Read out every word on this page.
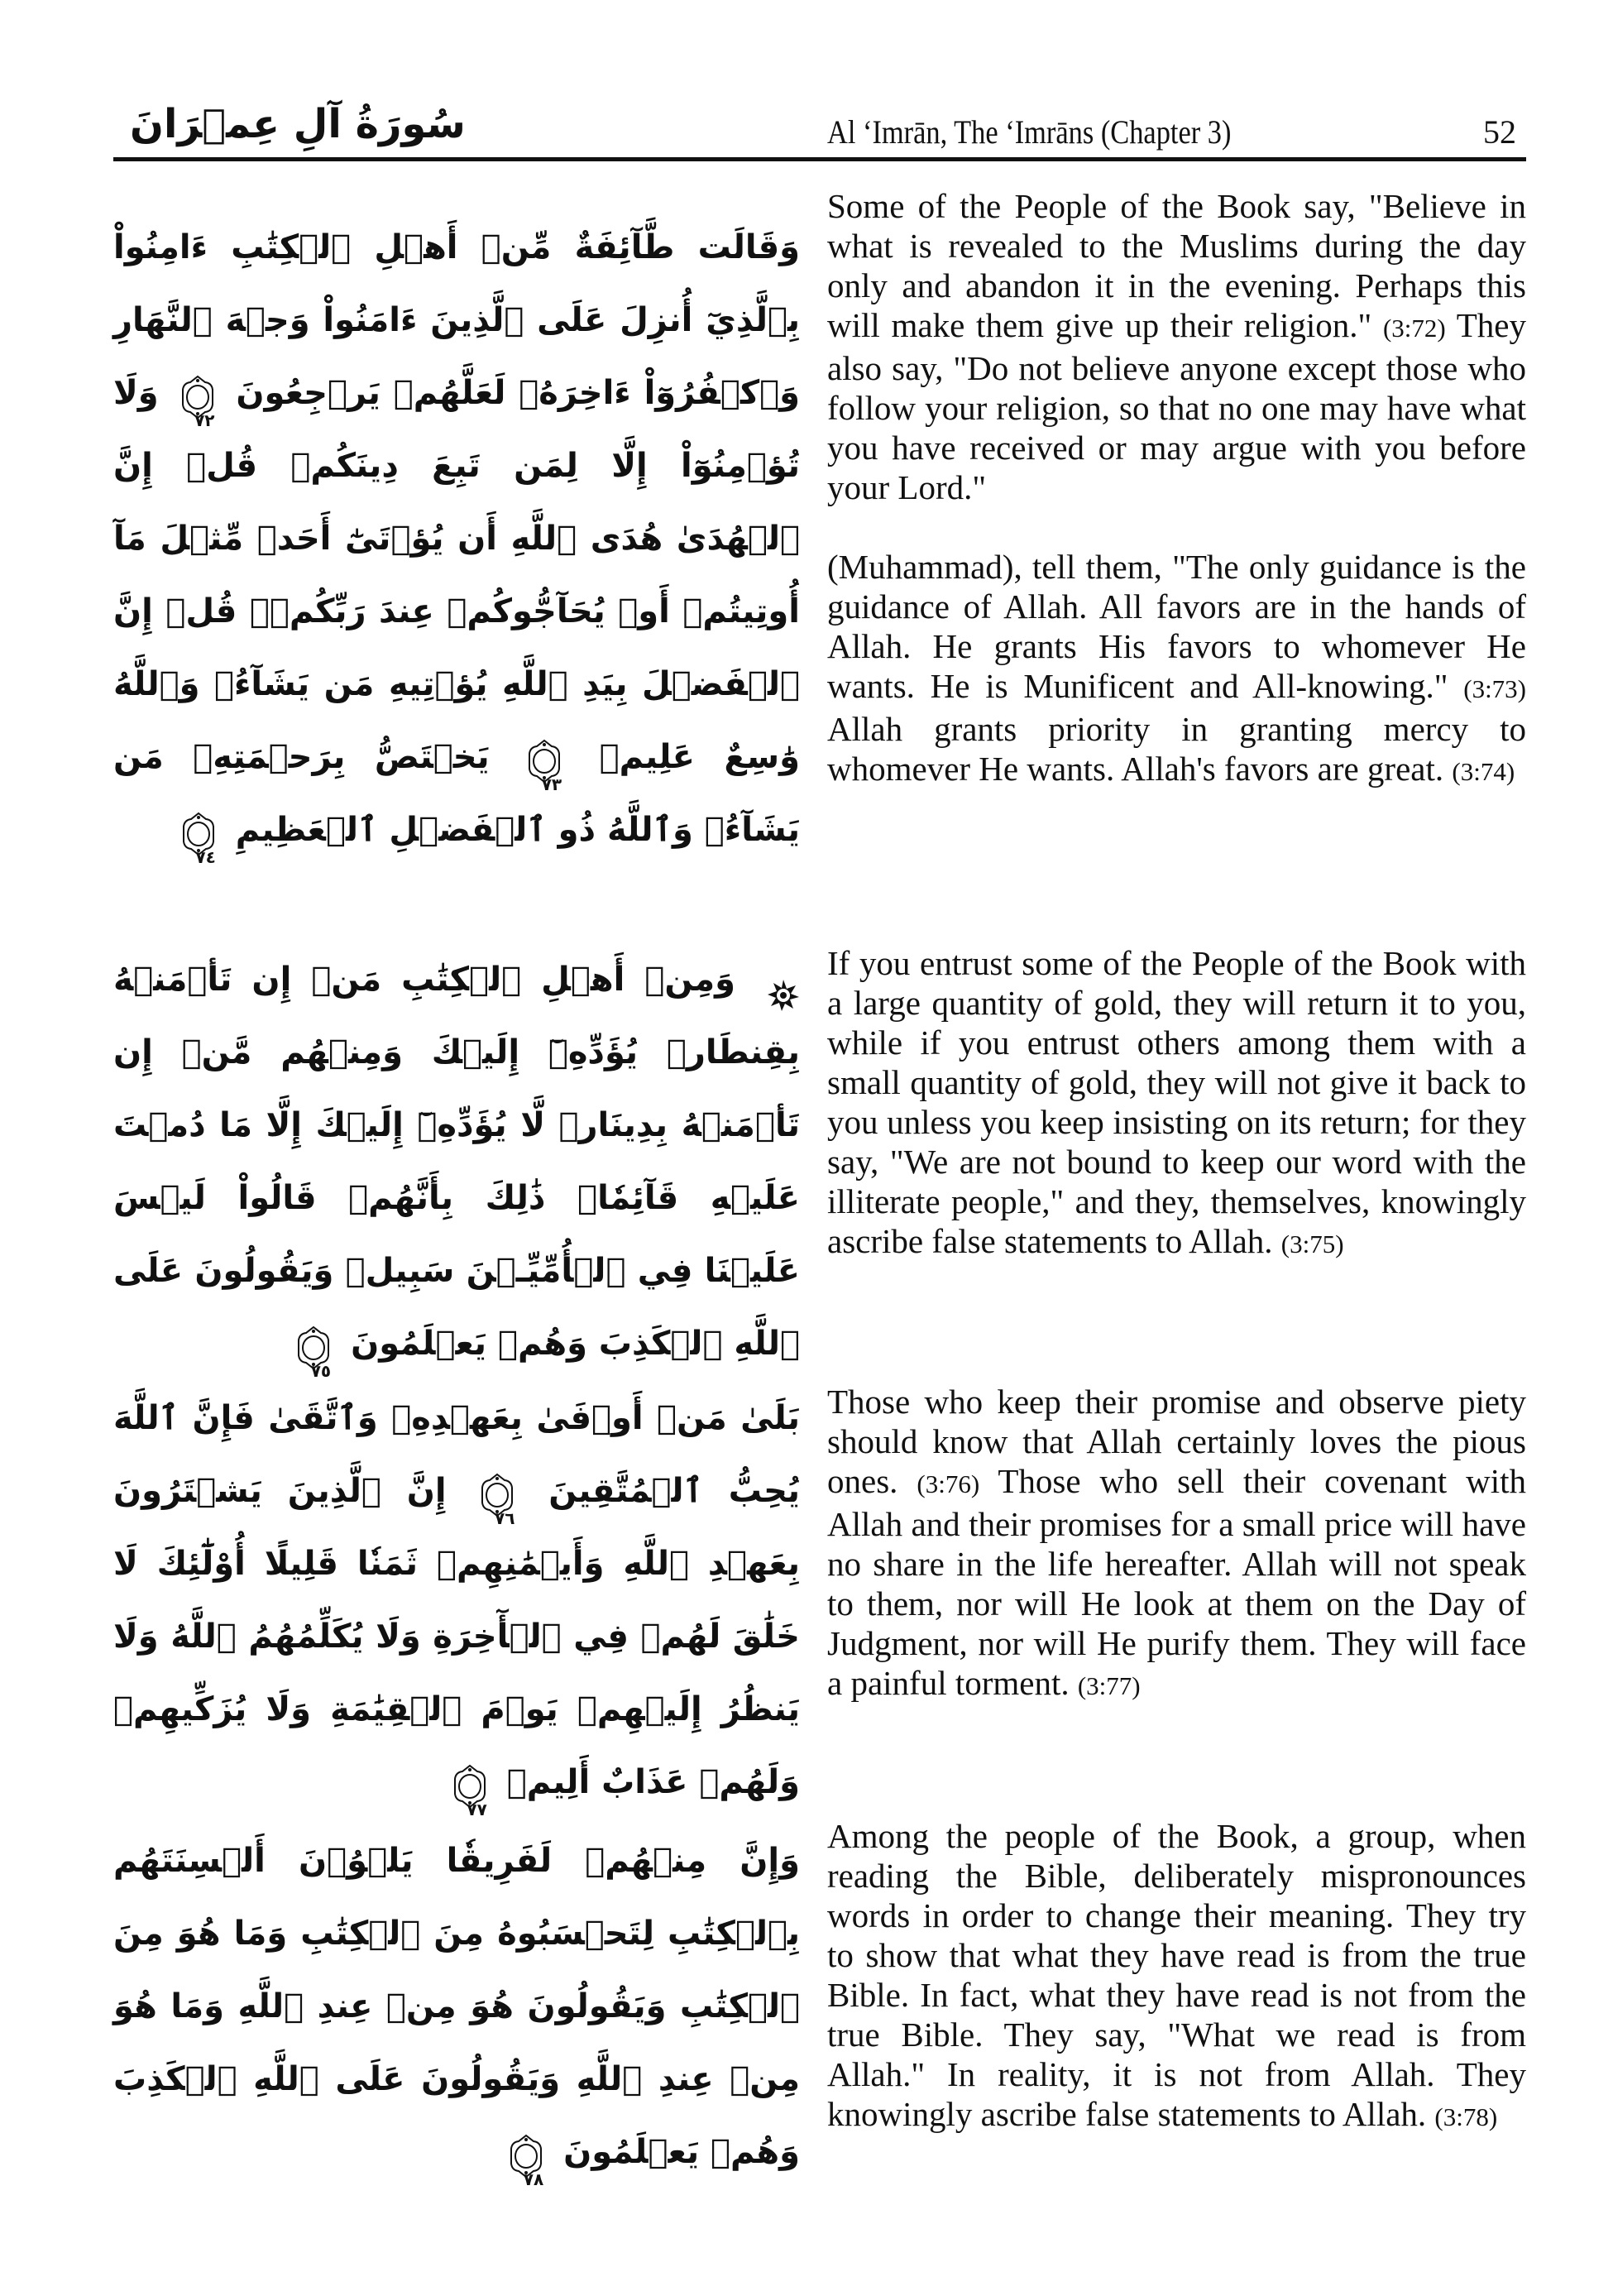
سُورَةُ آلِ عِمۡرَانَ	Al ‘Imrān, The ‘Imrāns (Chapter 3)	52
وَقَالَت طَّآئِفَةٌ مِّنۡ أَهۡلِ ٱلۡكِتَٰبِ ءَامِنُواْ بِٱلَّذِيٓ أُنزِلَ عَلَى ٱلَّذِينَ ءَامَنُواْ وَجۡهَ ٱلنَّهَارِ وَٱكۡفُرُوٓاْ ءَاخِرَهُۥ لَعَلَّهُمۡ يَرۡجِعُونَ
٧٢
وَلَا تُؤۡمِنُوٓاْ إِلَّا لِمَن تَبِعَ دِينَكُمۡ قُلۡ إِنَّ ٱلۡهُدَىٰ هُدَى ٱللَّهِ أَن يُؤۡتَىٰٓ أَحَدٞ مِّثۡلَ مَآ أُوتِيتُمۡ أَوۡ يُحَآجُّوكُمۡ عِندَ رَبِّكُمۡۗ قُلۡ إِنَّ ٱلۡفَضۡلَ بِيَدِ ٱللَّهِ يُؤۡتِيهِ مَن يَشَآءُۗ وَٱللَّهُ وَٰسِعٌ عَلِيمٞ
٧٣
يَخۡتَصُّ بِرَحۡمَتِهِۦ مَن يَشَآءُۗ وَٱللَّهُ ذُو ٱلۡفَضۡلِ ٱلۡعَظِيمِ
٧٤

Some of the People of the Book say, "Believe in what is revealed to the Muslims during the day only and abandon it in the evening. Perhaps this will make them give up their religion." (3:72) They also say, "Do not believe anyone except those who follow your religion, so that no one may have what you have received or may argue with you before your Lord."

(Muhammad), tell them, "The only guidance is the guidance of Allah. All favors are in the hands of Allah. He grants His favors to whomever He wants. He is Munificent and All-knowing." (3:73) Allah grants priority in granting mercy to whomever He wants. Allah's favors are great. (3:74)

وَمِنۡ أَهۡلِ ٱلۡكِتَٰبِ مَنۡ إِن تَأۡمَنۡهُ بِقِنطَارٖ يُؤَدِّهِۦٓ إِلَيۡكَ وَمِنۡهُم مَّنۡ إِن تَأۡمَنۡهُ بِدِينَارٖ لَّا يُؤَدِّهِۦٓ إِلَيۡكَ إِلَّا مَا دُمۡتَ عَلَيۡهِ قَآئِمٗاۗ ذَٰلِكَ بِأَنَّهُمۡ قَالُواْ لَيۡسَ عَلَيۡنَا فِي ٱلۡأُمِّيِّـۧنَ سَبِيلٞ وَيَقُولُونَ عَلَى ٱللَّهِ ٱلۡكَذِبَ وَهُمۡ يَعۡلَمُونَ
٧٥

If you entrust some of the People of the Book with a large quantity of gold, they will return it to you, while if you entrust others among them with a small quantity of gold, they will not give it back to you unless you keep insisting on its return; for they say, "We are not bound to keep our word with the illiterate people," and they, themselves, knowingly ascribe false statements to Allah. (3:75)

بَلَىٰ مَنۡ أَوۡفَىٰ بِعَهۡدِهِۦ وَٱتَّقَىٰ فَإِنَّ ٱللَّهَ يُحِبُّ ٱلۡمُتَّقِينَ
٧٦
إِنَّ ٱلَّذِينَ يَشۡتَرُونَ بِعَهۡدِ ٱللَّهِ وَأَيۡمَٰنِهِمۡ ثَمَنٗا قَلِيلًا أُوْلَٰٓئِكَ لَا خَلَٰقَ لَهُمۡ فِي ٱلۡأٓخِرَةِ وَلَا يُكَلِّمُهُمُ ٱللَّهُ وَلَا يَنظُرُ إِلَيۡهِمۡ يَوۡمَ ٱلۡقِيَٰمَةِ وَلَا يُزَكِّيهِمۡ وَلَهُمۡ عَذَابٌ أَلِيمٞ
٧٧

Those who keep their promise and observe piety should know that Allah certainly loves the pious ones. (3:76) Those who sell their covenant with Allah and their promises for a small price will have no share in the life hereafter. Allah will not speak to them, nor will He look at them on the Day of Judgment, nor will He purify them. They will face a painful torment. (3:77)

وَإِنَّ مِنۡهُمۡ لَفَرِيقٗا يَلۡوُۥنَ أَلۡسِنَتَهُم بِٱلۡكِتَٰبِ لِتَحۡسَبُوهُ مِنَ ٱلۡكِتَٰبِ وَمَا هُوَ مِنَ ٱلۡكِتَٰبِ وَيَقُولُونَ هُوَ مِنۡ عِندِ ٱللَّهِ وَمَا هُوَ مِنۡ عِندِ ٱللَّهِ وَيَقُولُونَ عَلَى ٱللَّهِ ٱلۡكَذِبَ وَهُمۡ يَعۡلَمُونَ
٧٨

Among the people of the Book, a group, when reading the Bible, deliberately mispronounces words in order to change their meaning. They try to show that what they have read is from the true Bible. In fact, what they have read is not from the true Bible. They say, "What we read is from Allah." In reality, it is not from Allah. They knowingly ascribe false statements to Allah. (3:78)
